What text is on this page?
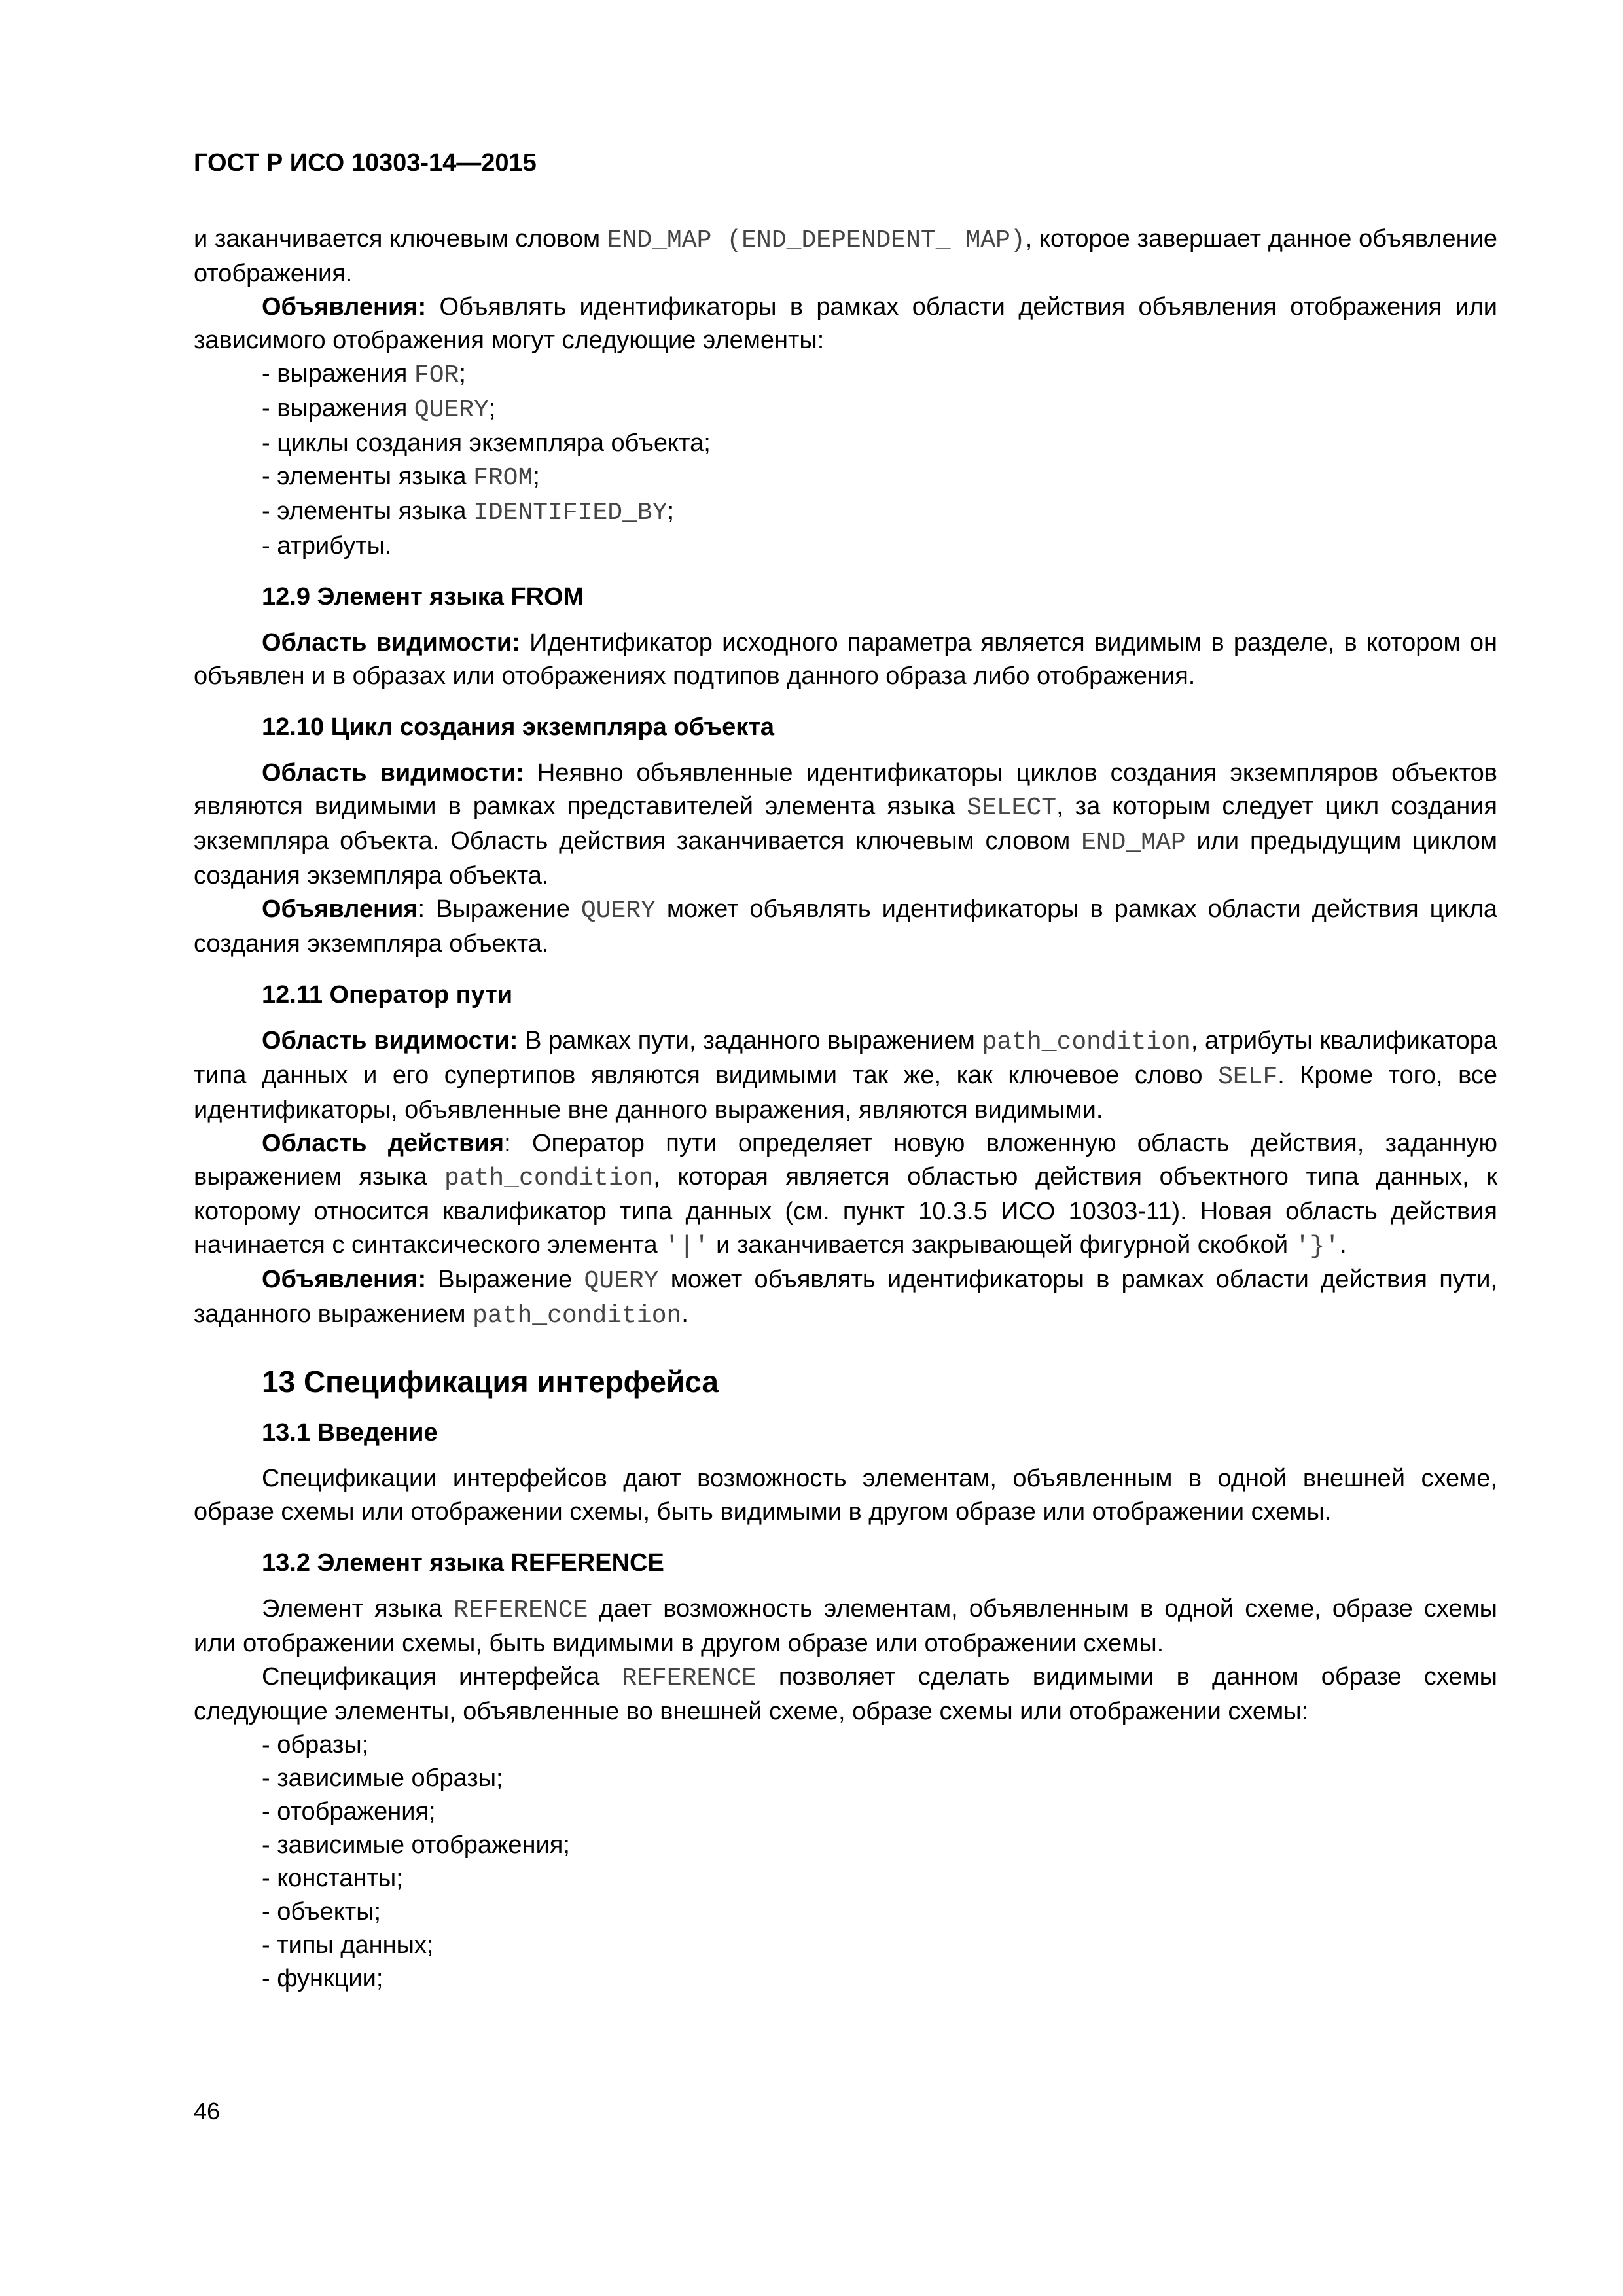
ГОСТ Р ИСО 10303-14—2015

и заканчивается ключевым словом END_MAP (END_DEPENDENT_ MAP), которое завершает данное объявление отображения.

Объявления: Объявлять идентификаторы в рамках области действия объявления отображения или зависимого отображения могут следующие элементы:

- выражения FOR;

- выражения QUERY;

- циклы создания экземпляра объекта;

- элементы языка FROM;

- элементы языка IDENTIFIED_BY;

- атрибуты.

12.9 Элемент языка FROM

Область видимости: Идентификатор исходного параметра является видимым в разделе, в котором он объявлен и в образах или отображениях подтипов данного образа либо отображения.

12.10 Цикл создания экземпляра объекта

Область видимости: Неявно объявленные идентификаторы циклов создания экземпляров объектов являются видимыми в рамках представителей элемента языка SELECT, за которым следует цикл создания экземпляра объекта. Область действия заканчивается ключевым словом END_MAP или предыдущим циклом создания экземпляра объекта.

Объявления: Выражение QUERY может объявлять идентификаторы в рамках области действия цикла создания экземпляра объекта.

12.11 Оператор пути

Область видимости: В рамках пути, заданного выражением path_condition, атрибуты квалификатора типа данных и его супертипов являются видимыми так же, как ключевое слово SELF. Кроме того, все идентификаторы, объявленные вне данного выражения, являются видимыми.

Область действия: Оператор пути определяет новую вложенную область действия, заданную выражением языка path_condition, которая является областью действия объектного типа данных, к которому относится квалификатор типа данных (см. пункт 10.3.5 ИСО 10303-11). Новая область действия начинается с синтаксического элемента '|' и заканчивается закрывающей фигурной скобкой '}'.

Объявления: Выражение QUERY может объявлять идентификаторы в рамках области действия пути, заданного выражением path_condition.

13 Спецификация интерфейса
13.1 Введение

Спецификации интерфейсов дают возможность элементам, объявленным в одной внешней схеме, образе схемы или отображении схемы, быть видимыми в другом образе или отображении схемы.

13.2 Элемент языка REFERENCE

Элемент языка REFERENCE дает возможность элементам, объявленным в одной схеме, образе схемы или отображении схемы, быть видимыми в другом образе или отображении схемы.

Спецификация интерфейса REFERENCE позволяет сделать видимыми в данном образе схемы следующие элементы, объявленные во внешней схеме, образе схемы или отображении схемы:

- образы;

- зависимые образы;

- отображения;

- зависимые отображения;

- константы;

- объекты;

- типы данных;

- функции;

46
